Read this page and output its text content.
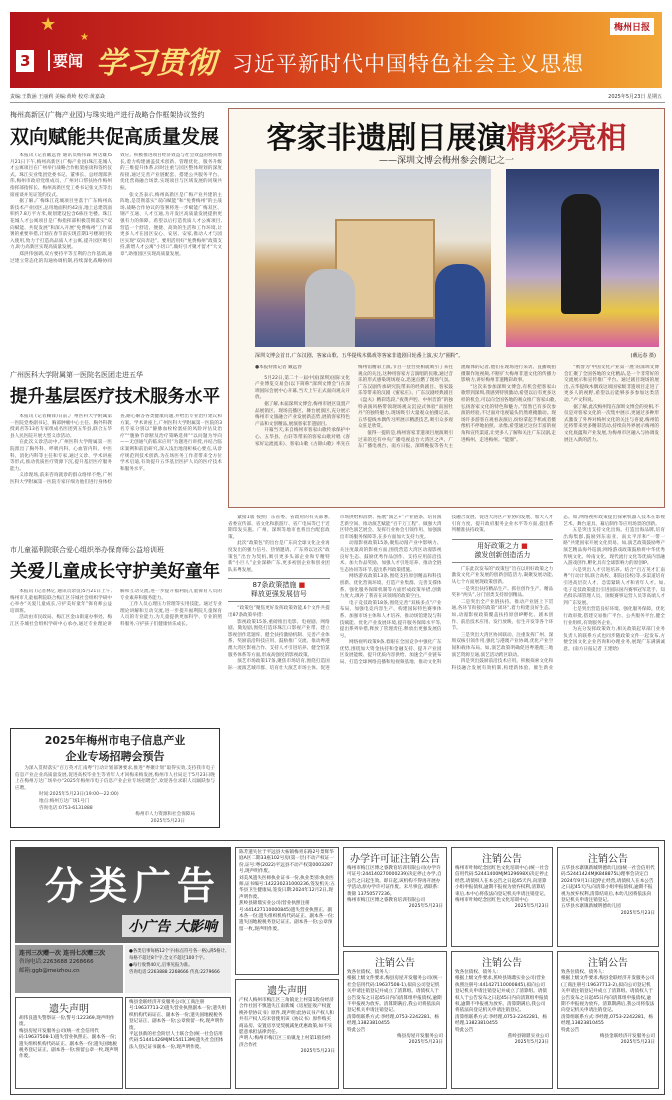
★
★
3	要闻 学习贯彻 习近平新时代中国特色社会主义思想
梅州日报
责编:王数涵 王丽莉 美编:黄岭 校对:黄嘉焱	2025年5月23日 星期五
梅州高新区(广梅产业园)与珠实地产进行战略合作框架协议签约
双向赋能共促高质量发展

本报讯 (记者戴远春 通讯员杨伟森 柯达雄)5月21日下午,梅州高新区(广梅产业园)珠江花城人才公寓项目在广州举行战略合作框架座谈和签约仪式。珠江实业集团党委书记、董事长、总经理郑洪伟,梅州市政府党组成员、广州对口帮扶协作梅州指挥部指挥长、梅州高新区党工委书记张文杰等出席座谈并见证签约仪式。

据了解,广梅珠江花城项目坐落于广东梅州高新技术产业园区,总用地面积约42亩,地上总建筑面积约7.8万平方米,规划建设包含6栋住宅楼。珠江花城人才公寓项目是广梅指挥部积极贯彻落实“双向赋能、共促发展”和深入开展“免费梅州”工作部署的重要举措,计划在春节前实现首期1号楼项目投入使用,致力于打造高品质人才公寓,提升园区吸引力,助力高新区实现高质量发展。

郑洪伟强调,双方要持平等互利的合作基调,通过建立常态化的沟通协调机制,持续深化战略协同效应。积极推进项目经济效益与社会效益的协同增长,着力构建涵盖技术创新、管理优化、服务升级的三维提升体系,同时注重与园区整体规划的深度衔接,通过完善产业链配套、搭建公共服务平台、优化营商融合场景,实现项目与区域发展的同频共振。

张文杰表示,梅州高新区是广梅产业共建的主阵地,是贯彻落实“双向赋能”和“免费梅州”的主战场,战略合作协议的签署将进一步赋能广梅双区、钢产互通、人才互通,为开发区高质量发展提供更强有力的保障。希望以后打造优质人才公寓项目,营造一个舒适、便捷、高效的生活和工作环境,让更多人才在园区安心、安居、安家,推动人才与园区实现“双向奔赴”。要用活用好“免费梅州”政策支持,新增人才公寓“小切口”,做好引才聚才留才“大文章”,助推园区实现高质量发展。

广州医科大学附属第一医院名医团走进五华
提升基层医疗技术服务水平

本报讯 (记者赖锋)日前,广州医科大学附属第一医院党委副书记、胸部肿瘤中心主任、胸外科教授刘君等13名专家组成名医团到五华县,联合五华县人民医院开展大型义诊活动。

在此次义诊活动中,广州医科大学附属第一医院派出了胸外科、呼吸内科、心血管内科、中医科、消化内科等主任和专家,通过义诊、学术讲座等形式,推动优质医疗资源下沉,提升基层医疗服务能力。

义诊现场,前来咨询就诊的群众络绎不绝,广州医科大学附属第一医院专家仔细为他们进行身体检查,耐心解答各类健康问题,并给出专业治疗建议和方案。学术讲座上,广州医科大学附属第一医院的3名专家分别以“静脉血栓栓塞症的风险评估及治疗”“腹胁节诊断及治疗策略选择”“以问题为导向——无创通气的临床应用”为题进行讲授,并结合临床案例和前沿研究,深入浅出地剖析核心要点,从诊疗规范到技术创新,为在场医务工作者带来全方位学术启迪,有效提升五华基层医护人员的医疗技术和服务水平。

市儿童福利院联合爱心组织举办保育师公益培训班
关爱儿童成长守护美好童年

本报讯 (记者林亿 通讯员余仪)5月21日上午,梅州市儿童福利院联合梅江区芬城社会组织学研中心举办“关爱儿童成长,守护美好童年”保育师公益培训班。

活动由市民政局、梅江区金山街道办事处、梅江区芬城社会组织学研中心承办,通过专业理论讲解和互动交流,进一步提升福利院儿童保育人员的专业素养和服务能力。

工作人员心理压力管理等实用技能。通过专业理论讲解和互动交流,进一步提升福利院儿童保育人员的专业能力,为儿童提供更加科学、专业的照料服务,守护孩子们健康快乐成长。

2025年梅州市电子信息产业
企业专场招聘会预告

为深入贯彻落实“百万英才汇南粤”行动计划部署要求,推进“粤聚计划”取得实效,支持我市电子信息产业企业高质量发展,促进高校毕业生等青年人才回梅来梅发展,梅州市人社局定于5月23日晚上在梅州万达广场举办“2025年梅州市电子信息产业企业专场招聘会”,欢迎各位求职人员踊跃参与应聘。

时间:2025年5月23日(19:00—22:00)
地点:梅州万达广场1号门
咨询电话:0753-6131888
梅州市人力资源和社会保障局
2025年5月23日
客家非遗剧目展演精彩亮相
——深圳文博会梅州参会侧记之一
深圳文博会首日,广东汉剧、客家山歌、五华提线木偶戏等客家非遗剧目轮番上演,实力“圈粉”。	(戴远春 摄)
●本报特派记者 戴远春

5月22日,第二十一届中国(深圳)国际文化产业博览交易会(以下简称“深圳文博会”)在深圳国际会展中心开幕,当天上午正式面向观众开放。

据了解,本届深圳文博会,梅州市展区设置产品展销区、现场直播区、舞台展演区,充分展示梅州市文旅融合产业发展新态势,展销客家特色产品和文创精品,展演客家非遗剧目。

开幕当天,来自梅州市客家山歌传承保护中心、五华县、古轩等带来的客家山歌对唱《客家好运流流来》、客家山歌《古锦山歌》率先在梅州馆精彩上演,节目一登台亮相就吸引了来往观众的关注,这种用客家方言演唱的民歌,通过音乐的形式感染现场观众,迅速点燃了现场气氛。广东汉剧传承研究院带来的经典剧目、客家鼓乐等带来的汉剧《蜜家庄》、广东汉剧经典剧目《盘夫》精彩选段,“夜黄声腔、中州音韵”的独特表演风格带领现场观众沉浸式体验“南国牡丹”的独特魅力,现场吸引大量观众拍摄记录。五华提线木偶传习所展示精湛技艺,吸引众多观众驻足欣赏。

值得一提的是,梅州客家非遗项目展演吸引过来的还有中央广播电视总台大湾区之声、广东广播电视台、南方日报、深圳晚报等各大主流媒体的记者,他们在现场进行采访、直播或拍摄制作短视频,不断扩大梅州非遗文化的传播力影响力,讲好梅州非遗精彩故事。

“这次来参加深圳文博会,有机会把客家山歌带到深圳,我感到特别激动,希望以后有更多这样的机会,可以向全国各地的观众推广客家山歌,弘扬客家文化的特色和魅力。”留然已有多次参演的经验,不过面对电视镜头仍然难掩激动。现场许多游客在观看表演后,纷纷拿起手机或者摄像机不停地拍照、录像,希望通过这份丰富的视角和宣传渠道,让更多人了解和关注广东汉剧,走进梅州、走进梅州。“能圈”。

“被誉为‘中国文化产业第一展’的深圳文博会汇聚了全国各地的文化精品,是一个非常好的交流展示和宣传推广平台。通过剧目现场的展出,五华提线木偶戏这项国家级非遗项目走进了更多人的视野,希望以后能够多多参加这类活动。”卢文科说。

据了解,此次梅州馆在深圳文博会的亮相,不仅是对客家文化的一次集中展示,更通过多种形式激发了外界对梅州文化的关注与喜爱,梅州馆还将带来更多精彩活动,持续向外界展示梅州的文化底蕴和产业发展,为梅州市区融入与协调发展注入新的活力。

紧接1版 按照广东省委、省政府的有关部署,省委宣传部、省文化和旅游厅、省广电局等已于近期印发实施。广州、深圳等地市也将出台配套政策。

此次“政策包”的出台是广东向全球文化企业再度发出的强力信号、热情邀请。广东将以这次“政策包”出台为契机,吸引更多头部企业和专精特新“小巨人”企业深耕广东,更多初创企业和创业团队来粤发展。

87条政策措施 ■
释放更强发展信号

“政策包”聚焦更好发挥政策效能,6个文件共提出87条政策举措:

影视政策15条,重磅推出电影、电视剧、网络剧、微短剧,围绕打造环珠江口影视产业带、建立影视创作选题库、健全扶持激励机制、完善产业体系、奖励前沿科技应用、鼓励推广交流、推动粤港澳大湾区影视合作、支持人才引进培养、健全怕氯服务体系等方面,形成高强度的影视政策。

演艺市场政策17条,聚焦市场培育,围绕打造国际一流演艺城市群、培育壮大演艺市场主体、促进市场供给和消费、拓展“演艺+”产业链条、培育演艺新空间、推动演艺赋能“百千万工程”、做强大湾区特色演艺展会、发挥行业协会引领作用、加强演出市场服务保障等,在多方面加大支持力度。

动漫影视政策15条,聚焦动漫产业中影响力、关注度最高的影视方面,围绕营造大湾区动漫影视良好生态、鼓励优秀作品创作、支持应用前沿技术、加大作品奖励、加强人才引进培养、推动全链生态协同等环节,提出系列政策措施。

网络游戏政策13条,围绕支持原创精品和科技创新、优化营商环境、打造产业集群、完善支撑体系、强化服务保障机制等方面形成政策举措,创新力度大,填补了我省在该领域的政策空白。

电子竞技政策18条,围绕完善“双核多点”产业布局、加强电竞内容生产、构建国际特色赛事体系、加强市场主体和人才培养、推动场馆建设与科技赋能、优化产业发展环境,提升服务保障水平等,提出系列举措,释放了管理责任,释放出更强发展信号。

网络视听政策9条,着眼在全国竞争中强化广东优势,围绕加大资金扶持和金融支持、提升产业园区发展能级、提升优质内容供给、加速全产业链布局、打造全球网络直播和短视频基地、推动文化科技融合发展、促进大湾区产业协同发展、加大人才引育力度、提升政府服务企业水平等方面,提出系列精准扶持政策。

用好政策之力 ■
激发创新创造活力

广东此次发布的“政策包”旨在以用好政策之力激发文化产业发展的创新创造活力,凝聚发展动能,从七个方面展现政策创新。

一是突出扶持精品生产。抓住创作生产、精品奖补“两头”,分门别类支持原创精品。

二是突出全产业链扶持。推动产业链上下贯通,各环节衔接的政策“闭环”,着力构建良好生态。如,动漫影视政策覆盖扶持原创IP孵化、剧本创作、前沿技术应用、发行放映、衍生开发等各个环节。

三是突出大湾区协同联动。注重发挥广州、深圳双核引领作用,强化与港澳产业协调,优化产业空间和载体布局。如,演艺政策明确促进粤港澳三地演艺资源互通,演艺活动跨区联动。

四是突出鼓励前沿技术应用。积极探索文化和科技融合发展有效机制,构建新体验、催生新业态。如,网络视听政策提出探索机器人技术在影视艺术、舞台道具、幕后制作等应用场景的创新。

五是突出支持文化出海。打造出海品牌,培育出海集群,鼓励到东南亚、南太平洋和“一带一路”共建国家开展文化贸易。如,演艺政策鼓励粤产演艺精品海外巡演;网络游戏政策鼓励将中华优秀传统文化、岭南文化、现代流行文化等优质内容融入游戏创作,孵化具有全球影响力的原创IP。

六是突出人才引进培养。结合“百万英才汇南粤”行动计划,联合高校、职院(技校)等,多渠道培育引进高层次人才、急需紧缺人才和青年人才。如,电子竞技政策提出引进国际国内赛事冠军选手、知名俱乐部管理人员、顶级赛事运营人员等高端人才到广东发展。

七是突出营造良好环境、强化服务保障。优化行政审批,搭建交易推广平台、公共服务平台,健全行业组织,有效服务企业。

为充分发挥政策效力,相关政策起草部门业务负责人的联系方式也同步随政策文件一起发布,方便全国文化企业咨询和办理业务,展现广东满满诚意。(南方日报记者 王建晗)

分类广告
小广告 大影响
连刊三次赠一次 连刊七次赠三次
咨询电话:2263688 2268666
邮箱:ggb@meizhou.cn
●各类启事每格12个字(标点符号各一格),满5格计,每格不超过8个字,全文不超过100个字。
●每行收费40元,启事见报为准。
咨询电话:2263888 2268666 传真:2279666
遗失声明

胡伟良遗失警察证一份,警号:122369,现声明作废。

梅县房屋开发服务公司(统一社会信用代码:19637508-1)遗失营业执照正、副本各一份;遗失组织机构代码证正、副本各一份;遗失国地税税务登记证正、副本各一份;预留公章一枚,现声明作废。

梅县金联经济开发服务公司(工商注册号:19637713-2)遗失营业执照副本一份;遗失组织机构代码证正、副本各一份;遗失国地税税务登记证正、副本各一份;公章预留一枚,现声明作废。

平远县新的社会阶层人士联合会(统一社会信用代码:51441426MJM154113M)遗失社会团体法人登记证书副本一份,现声明作废。

陈芳遗失位于平远县大柘镇梅青东路2号景辉华庭A区二期33座102号房(第一层)不动产权证一份,证号:粤(2022)平远县不动产权第0003287号,现声明作废。

刘美凤遗失医师执业证书一份,执业类别:执业医师,证书编号:142230231000236,签发机关:五华县卫生健康局,签发日期:2024年12月2日,现声明作废。

蕉岭县锦鼎实业公司(营业执照注册号:441427110000845)遗失营业执照正、副本各一份;遗失组织机构代码证正、副本各一份;遗失国地税税务登记证正、副本各一份;公章预留一枚,现声明作废。

遗失声明

产权人梅州市梅江区三角镇龙上村第1股份经济合作社因不慎遗失江南新城《房屋征收产权置换补偿协议书》原件,现声明:此协议书产权人和共有产权人均未曾使用该《协议书》原件购买商品房、安置房享受契税减免优惠政策,如不实愿意承担法律责任。

声明人:梅州市梅江区三角镇龙上村第1股份经济合作社

2025年5月23日

办学许可证注销公告

梅州市梅江区博之睿教育培训有限公司(办学许可证号:244140270000239)决定停止办学,自公告之日起生效。即日起,该机构不得再开展办学活动,原办学许可证作废。未尽事宜,请联系:黄锦 13750577236。

梅州市梅江区博之睿教育培训有限公司

2025年5月23日

注销公告

梅州市叶帅纪念园红色文化培训中心(统一社会信用代码:52441400MJM129698X)决定停止经营,请债权人在本公告之日起45天内,向清算小组申报债权,逾期不报视为放弃权利,清算结束后,本中心将依法向登记机关申请注销登记。

梅州市叶帅纪念园红色文化培训中心

2025年5月23日

注销公告

五华县水寨镇新城明德幼儿园(统一社会信用代码:52441424MJK848875L)理事会决定自2024年9月1日起停止经营,请债权人在本公告之日起45天内,向清算小组申报债权,逾期不报视为放弃权利,清算结束后,本幼儿园将依法向登记机关申请注销登记。

五华县水寨镇新城明德幼儿园

2025年5月23日

注销公告

致各位债权、债务人:

根据上级文件要求,梅县房屋开发服务公司(统一社会信用代码:19637508-1),拟向公司登记机关申请注销登记并成立了清算组。请债权人于公告发布之日起45日内向清算组申报债权,逾期不申报视为放弃。清算期满后,我公司将依法向登记机关申请注销登记。

清算组联系方式:李经理,0753-2242281、杨经理,13823810455

特此公告

梅县房屋开发服务公司

2025年5月23日

注销公告

致各位债权、债务人:

根据上级文件要求,蕉岭县锦鼎实业公司(营业执照注册号:441427110000845),拟向公司登记机关申请注销登记并成立了清算组。请债权人于公告发布之日起45日内向清算组申报债权,逾期不申报视为放弃。清算期满后,我公司将依法向登记机关申请注销登记。

清算组联系方式:李经理,0753-2242281、杨经理,13823810455

特此公告

蕉岭县锦鼎实业公司

2025年5月23日

注销公告

致各位债权、债务人:

根据上级文件要求,梅县金联经济开发服务公司(工商注册号:19637713-2),拟向公司登记机关申请注销登记并成立了清算组。请债权人于公告发布之日起45日内向清算组申报债权,逾期不申报视为放弃。清算期满后,我公司将依法向登记机关申请注销登记。

清算组联系方式:李经理,0753-2242281、杨经理,13823810455

特此公告

梅县金联经济开发服务公司

2025年5月23日
